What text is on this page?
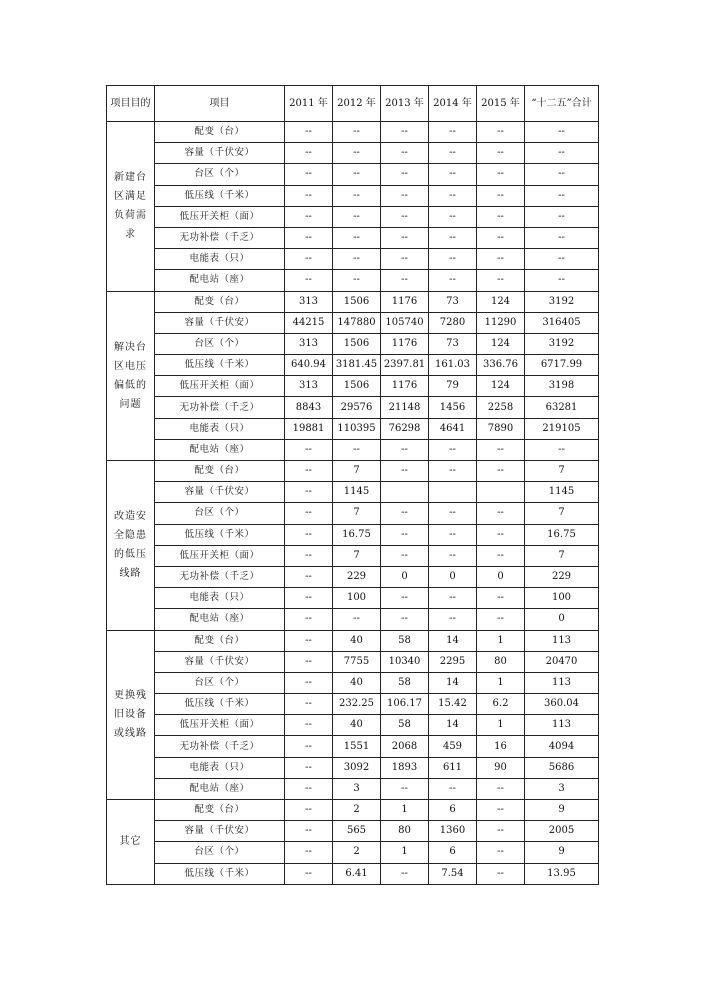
项目目的	项目	2011 年	2012 年	2013 年	2014 年	2015 年	“十二五”合计
新建台区满足负荷需求	配变（台）	--	--	--	--	--	--
	容量（千伏安）	--	--	--	--	--	--
	台区（个）	--	--	--	--	--	--
	低压线（千米）	--	--	--	--	--	--
	低压开关柜（面）	--	--	--	--	--	--
	无功补偿（千乏）	--	--	--	--	--	--
	电能表（只）	--	--	--	--	--	--
	配电站（座）	--	--	--	--	--	--
解决台区电压偏低的问题	配变（台）	313	1506	1176	73	124	3192
	容量（千伏安）	44215	147880	105740	7280	11290	316405
	台区（个）	313	1506	1176	73	124	3192
	低压线（千米）	640.94	3181.45	2397.81	161.03	336.76	6717.99
	低压开关柜（面）	313	1506	1176	79	124	3198
	无功补偿（千乏）	8843	29576	21148	1456	2258	63281
	电能表（只）	19881	110395	76298	4641	7890	219105
	配电站（座）	--	--	--	--	--	--
改造安全隐患的低压线路	配变（台）	--	7	--	--	--	7
	容量（千伏安）	--	1145				1145
	台区（个）	--	7	--	--	--	7
	低压线（千米）	--	16.75	--	--	--	16.75
	低压开关柜（面）	--	7	--	--	--	7
	无功补偿（千乏）	--	229	0	0	0	229
	电能表（只）	--	100	--	--	--	100
	配电站（座）	--	--	--	--	--	0
更换残旧设备或线路	配变（台）	--	40	58	14	1	113
	容量（千伏安）	--	7755	10340	2295	80	20470
	台区（个）	--	40	58	14	1	113
	低压线（千米）	--	232.25	106.17	15.42	6.2	360.04
	低压开关柜（面）	--	40	58	14	1	113
	无功补偿（千乏）	--	1551	2068	459	16	4094
	电能表（只）	--	3092	1893	611	90	5686
	配电站（座）	--	3	--	--	--	3
其它	配变（台）	--	2	1	6	--	9
	容量（千伏安）	--	565	80	1360	--	2005
	台区（个）	--	2	1	6	--	9
	低压线（千米）	--	6.41	--	7.54	--	13.95
